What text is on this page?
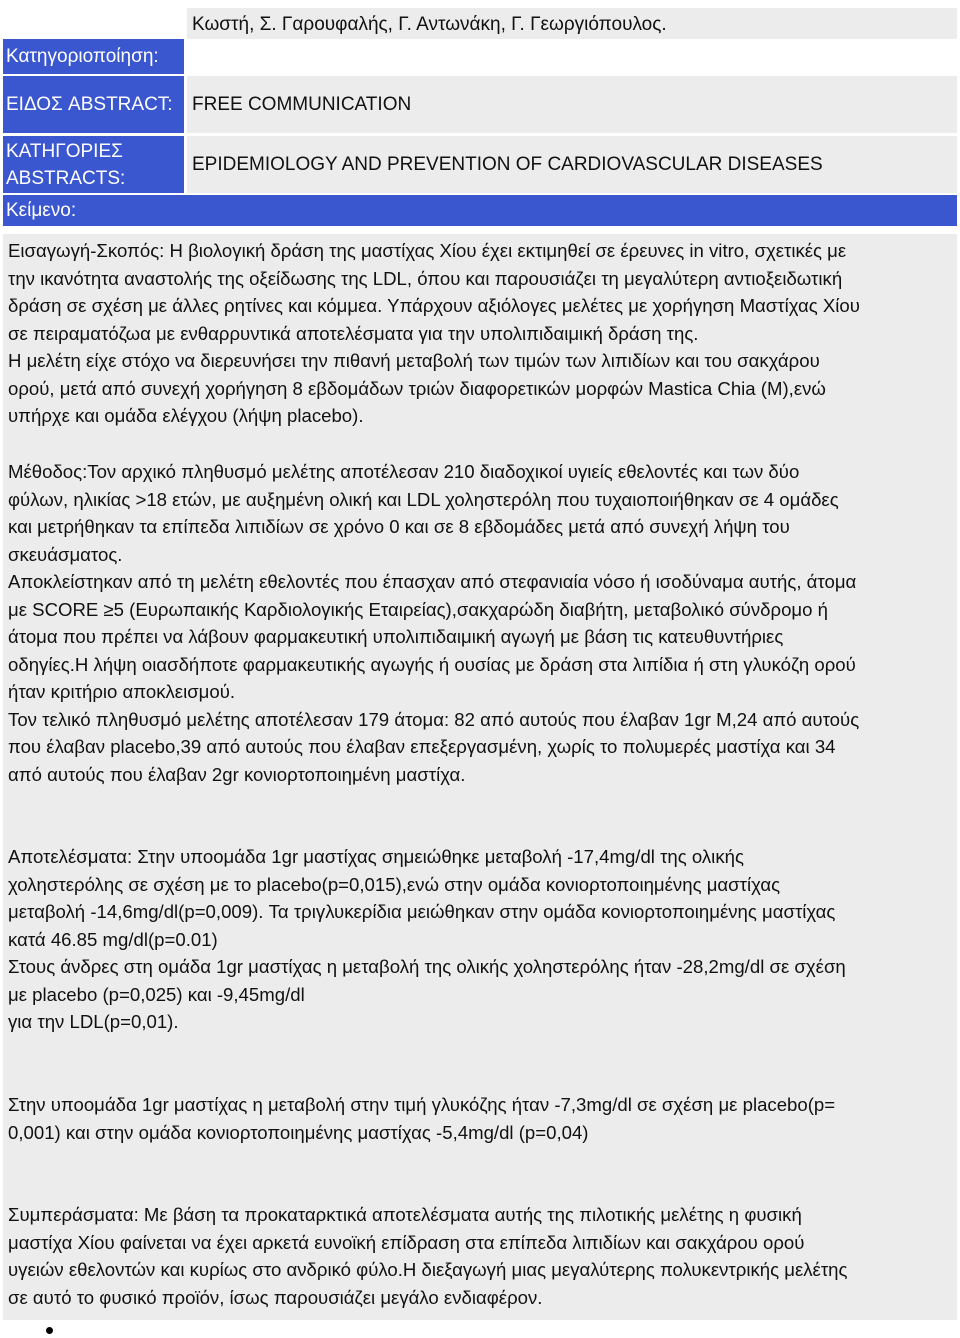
Κωστή, Σ. Γαρουφαλής, Γ. Αντωνάκη, Γ. Γεωργιόπουλος.
Κατηγοριοποίηση:
ΕΙΔΟΣ ABSTRACT:	FREE COMMUNICATION
ΚΑΤΗΓΟΡΙΕΣ ABSTRACTS:
EPIDEMIOLOGY AND PREVENTION OF CARDIOVASCULAR DISEASES
Κείμενο:

Εισαγωγή-Σκοπός: Η βιολογική δράση της μαστίχας Χίου έχει εκτιμηθεί σε έρευνες in vitro, σχετικές με
την ικανότητα αναστολής της οξείδωσης της LDL, όπου και παρουσιάζει τη μεγαλύτερη αντιοξειδωτική
δράση σε σχέση με άλλες ρητίνες και κόμμεα. Υπάρχουν αξιόλογες μελέτες με χορήγηση Μαστίχας Χίου
σε πειραματόζωα με ενθαρρυντικά αποτελέσματα για την υπολιπιδαιμική δράση της.
Η μελέτη είχε στόχο να διερευνήσει την πιθανή μεταβολή των τιμών των λιπιδίων και του σακχάρου
ορού, μετά από συνεχή χορήγηση 8 εβδομάδων τριών διαφορετικών μορφών Mastica Chia (M),ενώ
υπήρχε και ομάδα ελέγχου (λήψη placebo).

Μέθοδος:Τον αρχικό πληθυσμό μελέτης αποτέλεσαν 210 διαδοχικοί υγιείς εθελοντές και των δύο
φύλων, ηλικίας >18 ετών, με αυξημένη ολική και LDL χοληστερόλη που τυχαιοποιήθηκαν σε 4 ομάδες
και μετρήθηκαν τα επίπεδα λιπιδίων σε χρόνο 0 και σε 8 εβδομάδες μετά από συνεχή λήψη του
σκευάσματος.
Αποκλείστηκαν από τη μελέτη εθελοντές που έπασχαν από στεφανιαία νόσο ή ισοδύναμα αυτής, άτομα
με SCORE ≥5 (Ευρωπαικής Καρδιολογικής Εταιρείας),σακχαρώδη διαβήτη, μεταβολικό σύνδρομο ή
άτομα που πρέπει να λάβουν φαρμακευτική υπολιπιδαιμική αγωγή με βάση τις κατευθυντήριες
οδηγίες.Η λήψη οιασδήποτε φαρμακευτικής αγωγής ή ουσίας με δράση στα λιπίδια ή στη γλυκόζη ορού
ήταν κριτήριο αποκλεισμού.
Τον τελικό πληθυσμό μελέτης αποτέλεσαν 179 άτομα: 82 από αυτούς που έλαβαν 1gr M,24 από αυτούς
που έλαβαν placebo,39 από αυτούς που έλαβαν επεξεργασμένη, χωρίς το πολυμερές μαστίχα και 34
από αυτούς που έλαβαν 2gr κονιορτοποιημένη μαστίχα.

Αποτελέσματα: Στην υποομάδα 1gr μαστίχας σημειώθηκε μεταβολή -17,4mg/dl της ολικής
χοληστερόλης σε σχέση με το placebo(p=0,015),ενώ στην ομάδα κονιορτοποιημένης μαστίχας
μεταβολή -14,6mg/dl(p=0,009). Τα τριγλυκερίδια μειώθηκαν στην ομάδα κονιορτοποιημένης μαστίχας
κατά 46.85 mg/dl(p=0.01)
Στους άνδρες στη ομάδα 1gr μαστίχας η μεταβολή της ολικής χοληστερόλης ήταν -28,2mg/dl σε σχέση
με placebo (p=0,025) και -9,45mg/dl
για την LDL(p=0,01).

Στην υποομάδα 1gr μαστίχας η μεταβολή στην τιμή γλυκόζης ήταν -7,3mg/dl σε σχέση με placebo(p=
0,001) και στην ομάδα κονιορτοποιημένης μαστίχας -5,4mg/dl (p=0,04)

Συμπεράσματα: Με βάση τα προκαταρκτικά αποτελέσματα αυτής της πιλοτικής μελέτης η φυσική
μαστίχα Χίου φαίνεται να έχει αρκετά ευνοϊκή επίδραση στα επίπεδα λιπιδίων και σακχάρου ορού
υγειών εθελοντών και κυρίως στο ανδρικό φύλο.Η διεξαγωγή μιας μεγαλύτερης πολυκεντρικής μελέτης
σε αυτό το φυσικό προϊόν, ίσως παρουσιάζει μεγάλο ενδιαφέρον.
